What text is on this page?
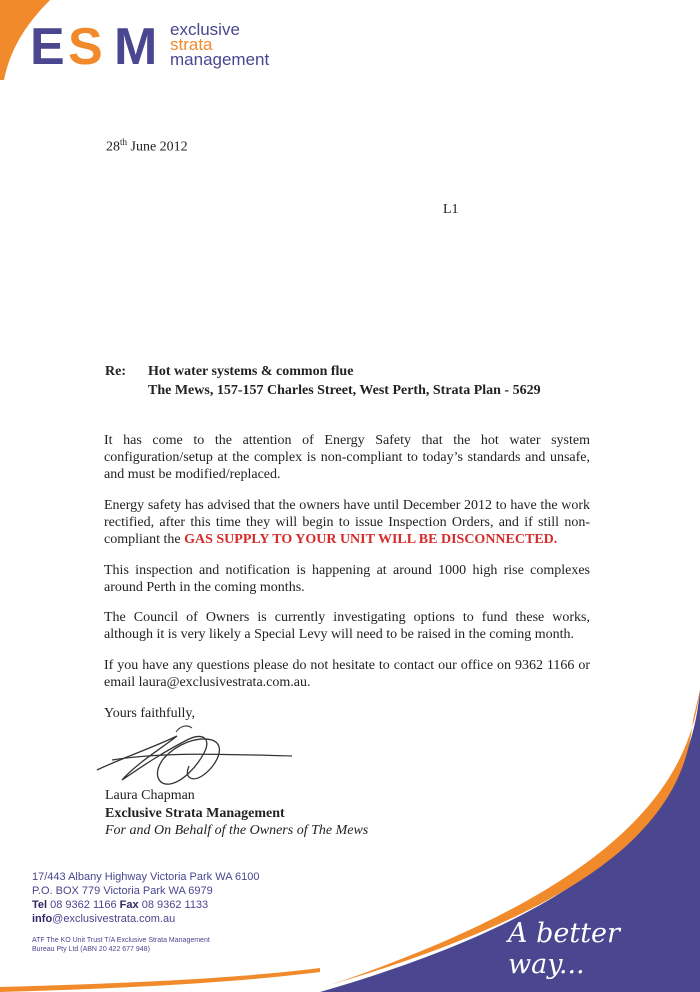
E S M exclusive
strata
management
28th June 2012
L1
Re: Hot water systems & common flue
The Mews, 157-157 Charles Street, West Perth, Strata Plan - 5629

It has come to the attention of Energy Safety that the hot water system configuration/setup at the complex is non-compliant to today’s standards and unsafe, and must be modified/replaced.

Energy safety has advised that the owners have until December 2012 to have the work rectified, after this time they will begin to issue Inspection Orders, and if still non-compliant the GAS SUPPLY TO YOUR UNIT WILL BE DISCONNECTED.

This inspection and notification is happening at around 1000 high rise complexes around Perth in the coming months.

The Council of Owners is currently investigating options to fund these works, although it is very likely a Special Levy will need to be raised in the coming month.

If you have any questions please do not hesitate to contact our office on 9362 1166 or email laura@exclusivestrata.com.au.

Yours faithfully,

Laura Chapman
Exclusive Strata Management
For and On Behalf of the Owners of The Mews
17/443 Albany Highway Victoria Park WA 6100
P.O. BOX 779 Victoria Park WA 6979
Tel 08 9362 1166 Fax 08 9362 1133
info@exclusivestrata.com.au
ATF The KO Unit Trust T/A Exclusive Strata Management
Bureau Pty Ltd (ABN 20 422 677 948)
A better way...
